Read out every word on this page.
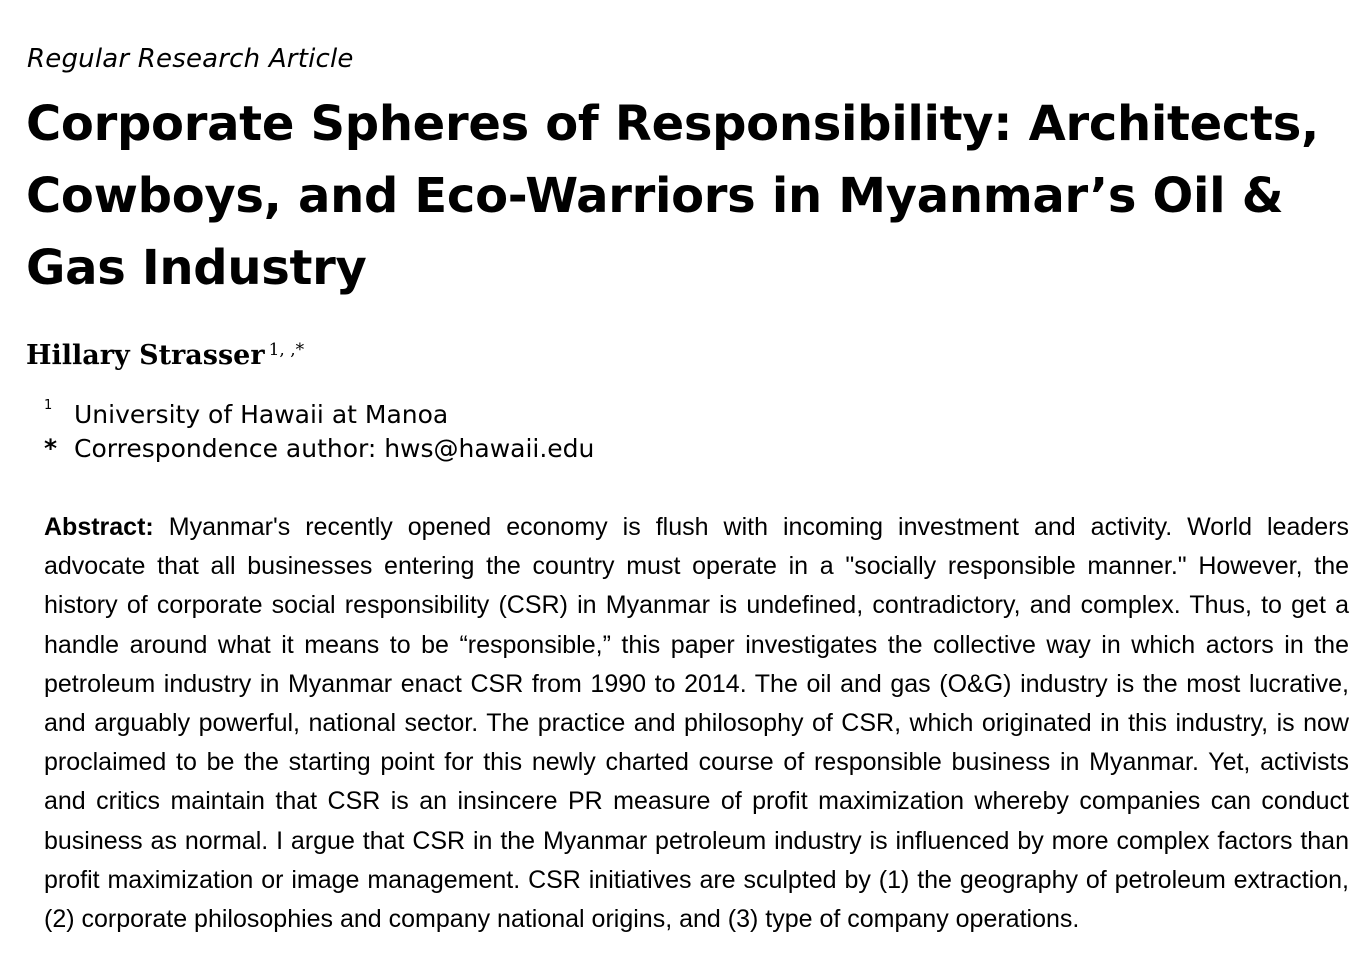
Regular Research Article
Corporate Spheres of Responsibility: Architects, Cowboys, and Eco-Warriors in Myanmar’s Oil & Gas Industry
Hillary Strasser 1, ,*
1 University of Hawaii at Manoa
* Correspondence author: hws@hawaii.edu

Abstract: Myanmar's recently opened economy is flush with incoming investment and activity. World leaders advocate that all businesses entering the country must operate in a "socially responsible manner." However, the history of corporate social responsibility (CSR) in Myanmar is undefined, contradictory, and complex. Thus, to get a handle around what it means to be “responsible,” this paper investigates the collective way in which actors in the petroleum industry in Myanmar enact CSR from 1990 to 2014. The oil and gas (O&G) industry is the most lucrative, and arguably powerful, national sector. The practice and philosophy of CSR, which originated in this industry, is now proclaimed to be the starting point for this newly charted course of responsible business in Myanmar. Yet, activists and critics maintain that CSR is an insincere PR measure of profit maximization whereby companies can conduct business as normal. I argue that CSR in the Myanmar petroleum industry is influenced by more complex factors than profit maximization or image management. CSR initiatives are sculpted by (1) the geography of petroleum extraction, (2) corporate philosophies and company national origins, and (3) type of company operations.
